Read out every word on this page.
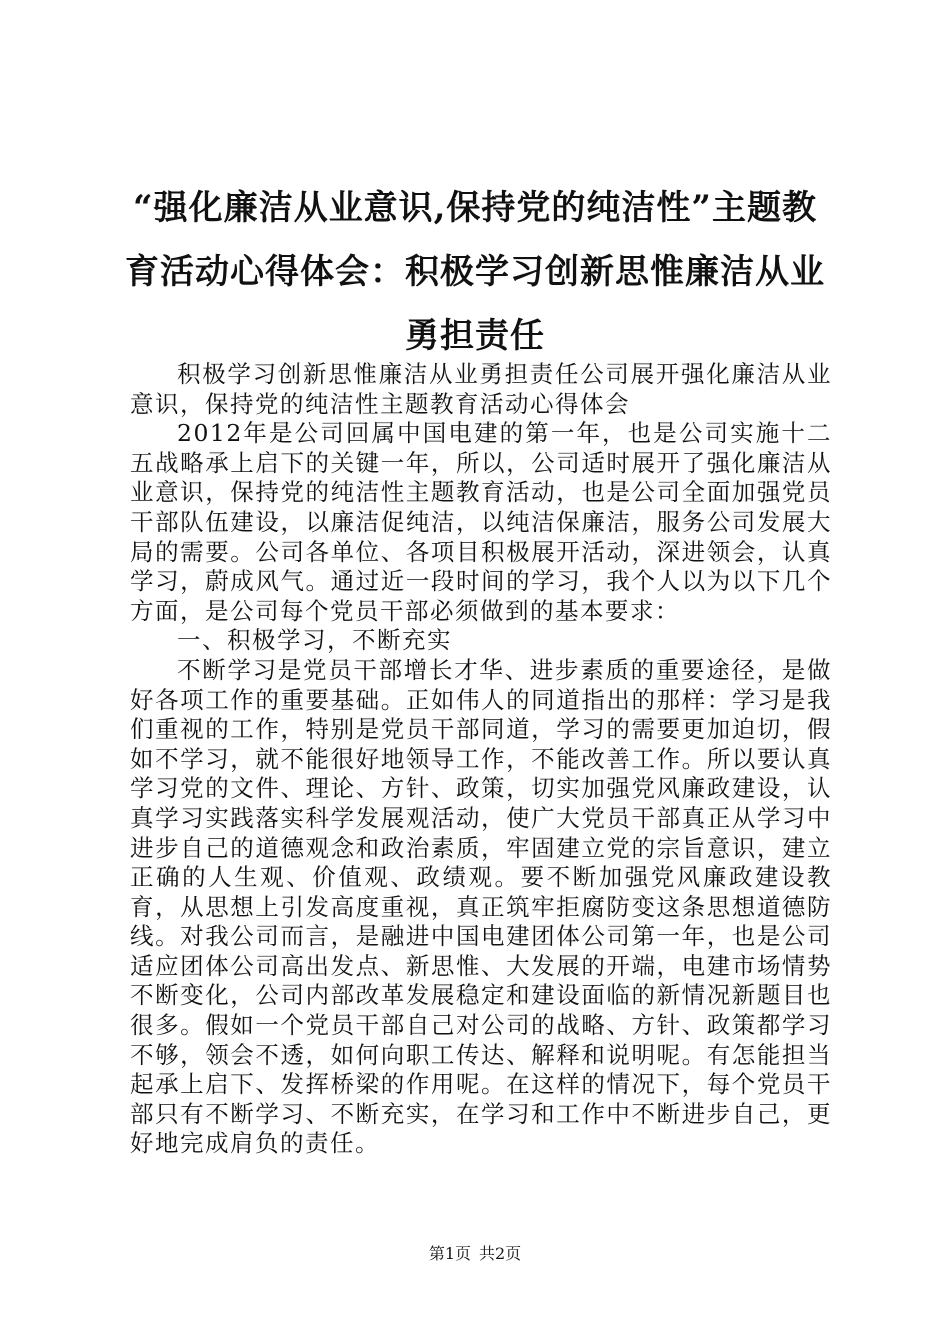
“强化廉洁从业意识,保持党的纯洁性”主题教育活动心得体会：积极学习创新思惟廉洁从业勇担责任

积极学习创新思惟廉洁从业勇担责任公司展开强化廉洁从业意识，保持党的纯洁性主题教育活动心得体会

2012年是公司回属中国电建的第一年，也是公司实施十二五战略承上启下的关键一年，所以，公司适时展开了强化廉洁从业意识，保持党的纯洁性主题教育活动，也是公司全面加强党员干部队伍建设，以廉洁促纯洁，以纯洁保廉洁，服务公司发展大局的需要。公司各单位、各项目积极展开活动，深进领会，认真学习，蔚成风气。通过近一段时间的学习，我个人以为以下几个方面，是公司每个党员干部必须做到的基本要求：

一、积极学习，不断充实

不断学习是党员干部增长才华、进步素质的重要途径，是做好各项工作的重要基础。正如伟人的同道指出的那样：学习是我们重视的工作，特别是党员干部同道，学习的需要更加迫切，假如不学习，就不能很好地领导工作，不能改善工作。所以要认真学习党的文件、理论、方针、政策，切实加强党风廉政建设，认真学习实践落实科学发展观活动，使广大党员干部真正从学习中进步自己的道德观念和政治素质，牢固建立党的宗旨意识，建立正确的人生观、价值观、政绩观。要不断加强党风廉政建设教育，从思想上引发高度重视，真正筑牢拒腐防变这条思想道德防线。对我公司而言，是融进中国电建团体公司第一年，也是公司适应团体公司高出发点、新思惟、大发展的开端，电建市场情势不断变化，公司内部改革发展稳定和建设面临的新情况新题目也很多。假如一个党员干部自己对公司的战略、方针、政策都学习不够，领会不透，如何向职工传达、解释和说明呢。有怎能担当起承上启下、发挥桥梁的作用呢。在这样的情况下，每个党员干部只有不断学习、不断充实，在学习和工作中不断进步自己，更好地完成肩负的责任。

第1页 共2页
